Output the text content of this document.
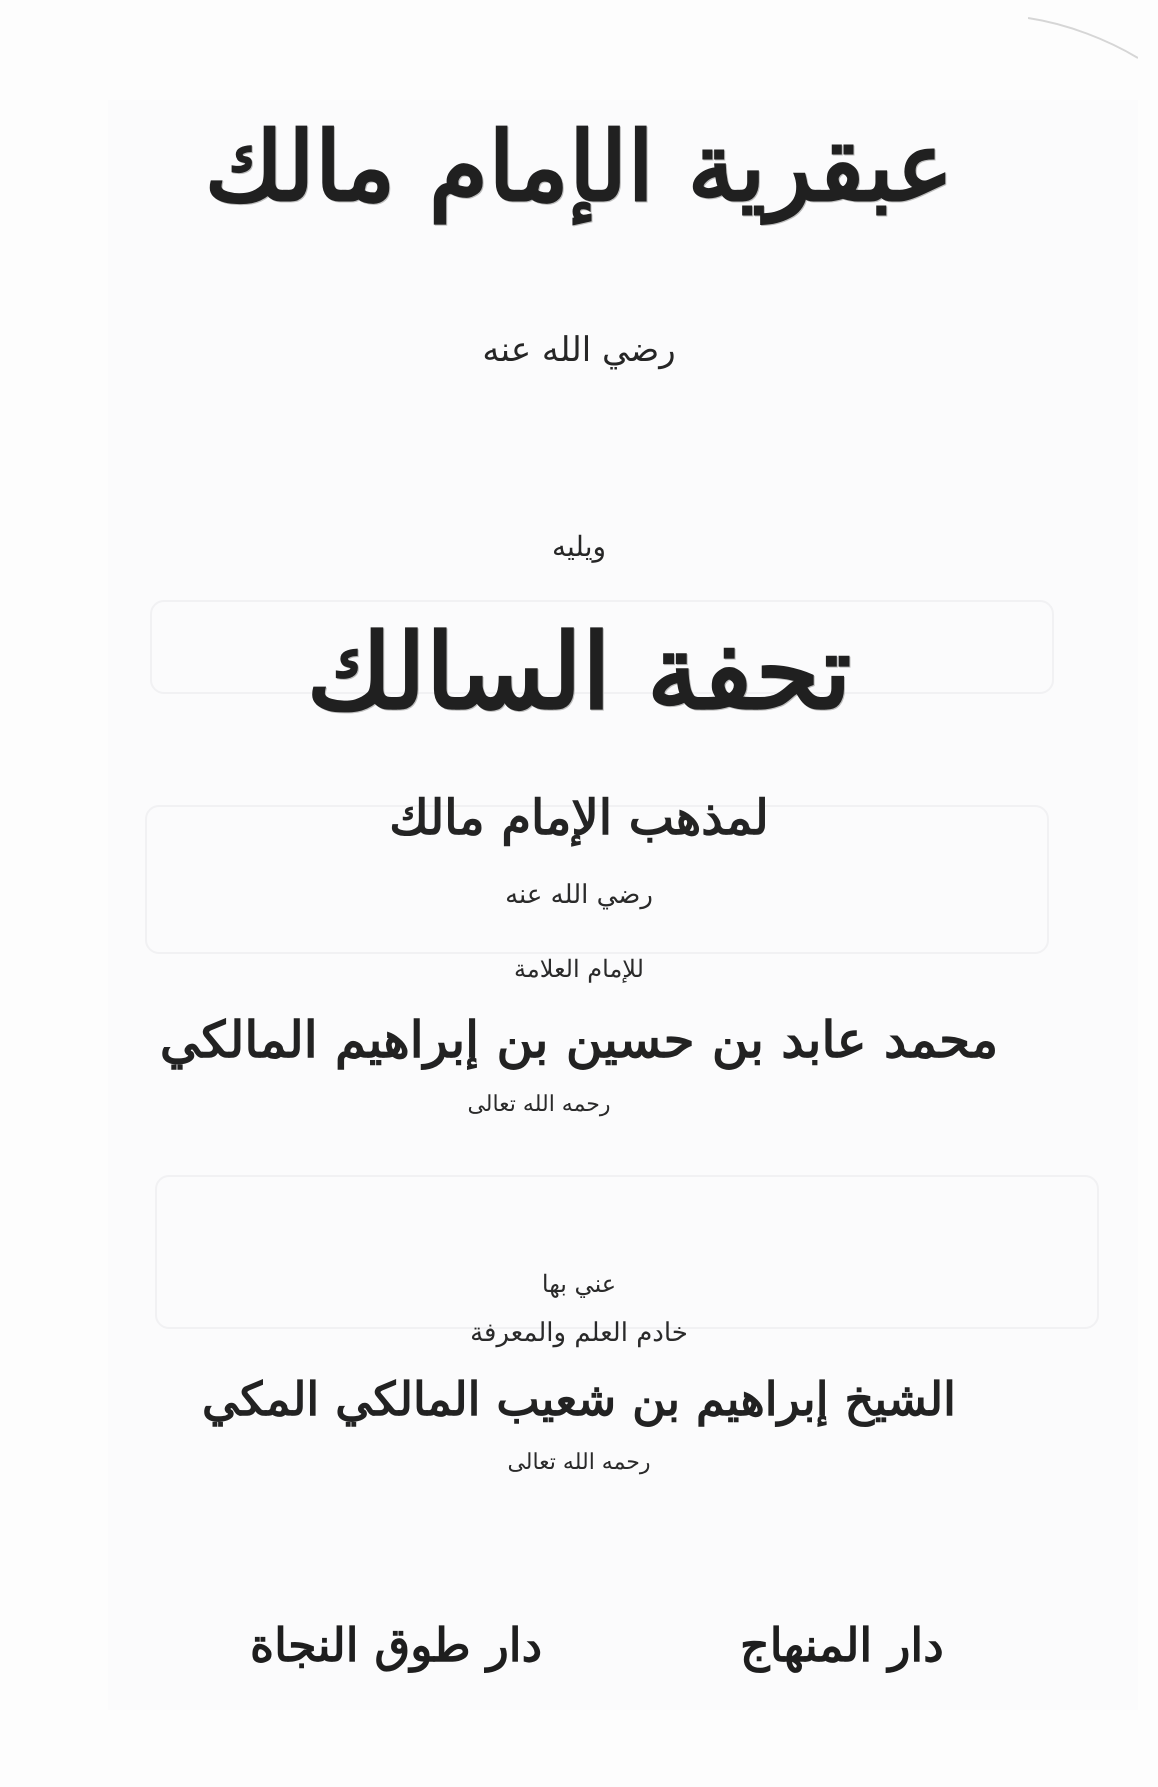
عبقرية الإمام مالك
رضي الله عنه
ويليه
تحفة السالك
لمذهب الإمام مالك
رضي الله عنه
للإمام العلامة
محمد عابد بن حسين بن إبراهيم المالكي
رحمه الله تعالى
عني بها
خادم العلم والمعرفة
الشيخ إبراهيم بن شعيب المالكي المكي
رحمه الله تعالى
دار المنهاج
دار طوق النجاة
